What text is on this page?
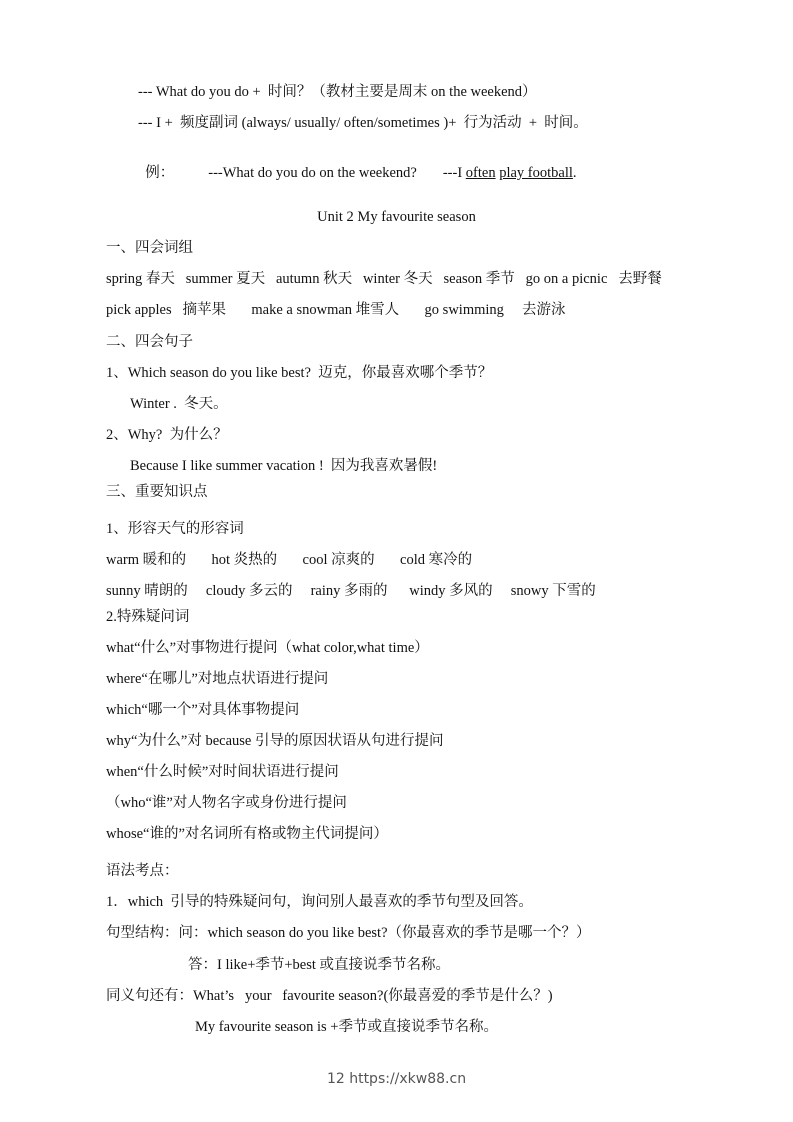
--- What do you do +  时间？（教材主要是周末 on the weekend）
--- I +  频度副词 (always/ usually/ often/sometimes )+  行为活动  +  时间。

例： ---What do you do on the weekend? ---I often play football.

Unit 2 My favourite season
一、四会词组
spring 春天   summer 夏天   autumn 秋天   winter 冬天   season 季节   go on a picnic   去野餐
pick apples   摘苹果       make a snowman 堆雪人       go swimming     去游泳
二、四会句子
1、Which season do you like best?  迈克，你最喜欢哪个季节？
Winter .  冬天。
2、Why?  为什么？
Because I like summer vacation !  因为我喜欢暑假!
三、重要知识点
1、形容天气的形容词
warm 暖和的       hot 炎热的       cool 凉爽的       cold 寒冷的
sunny 晴朗的     cloudy 多云的     rainy 多雨的      windy 多风的     snowy 下雪的
2.特殊疑问词
what“什么”对事物进行提问（what color,what time）
where“在哪儿”对地点状语进行提问
which“哪一个”对具体事物提问
why“为什么”对 because 引导的原因状语从句进行提问
when“什么时候”对时间状语进行提问
（who“谁”对人物名字或身份进行提问
whose“谁的”对名词所有格或物主代词提问）
语法考点：
1．which  引导的特殊疑问句，询问别人最喜欢的季节句型及回答。
句型结构：问：which season do you like best?（你最喜欢的季节是哪一个？）
答：I like+季节+best 或直接说季节名称。
同义句还有：What’s   your   favourite season?(你最喜爱的季节是什么？)
My favourite season is +季节或直接说季节名称。
12 https://xkw88.cn
